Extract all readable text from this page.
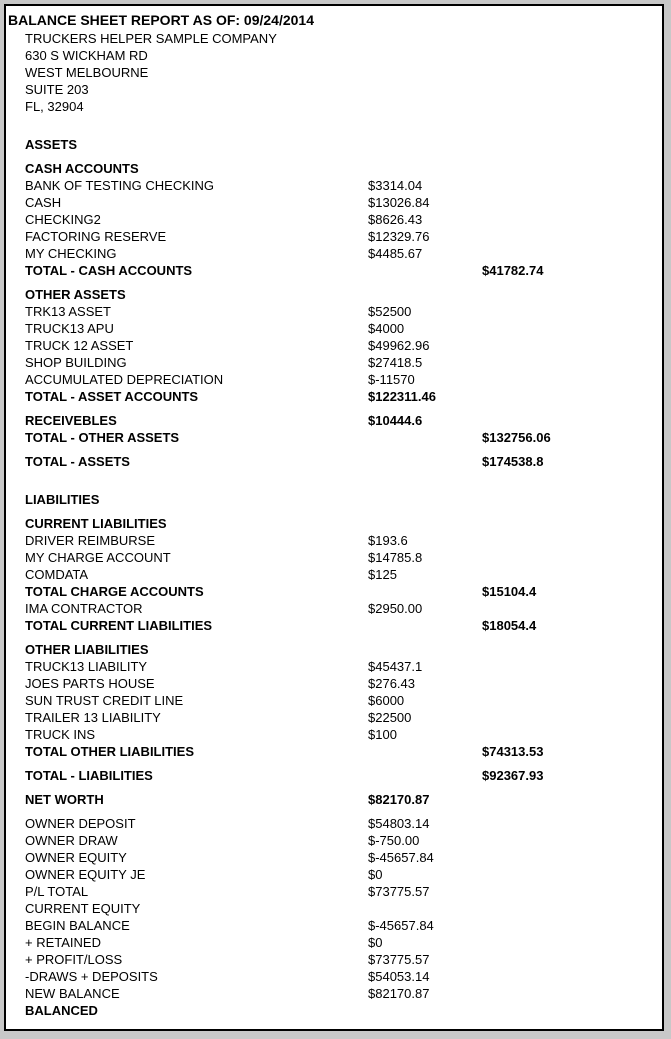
BALANCE SHEET REPORT AS OF: 09/24/2014
TRUCKERS HELPER SAMPLE COMPANY
630 S WICKHAM RD
WEST MELBOURNE
SUITE 203
FL, 32904
ASSETS
CASH ACCOUNTS
BANK OF TESTING CHECKING	$3314.04
CASH	$13026.84
CHECKING2	$8626.43
FACTORING RESERVE	$12329.76
MY CHECKING	$4485.67
TOTAL - CASH ACCOUNTS	$41782.74
OTHER ASSETS
TRK13 ASSET	$52500
TRUCK13 APU	$4000
TRUCK 12 ASSET	$49962.96
SHOP BUILDING	$27418.5
ACCUMULATED DEPRECIATION	$-11570
TOTAL - ASSET ACCOUNTS	$122311.46
RECEIVEBLES	$10444.6
TOTAL - OTHER ASSETS	$132756.06
TOTAL - ASSETS	$174538.8
LIABILITIES
CURRENT LIABILITIES
DRIVER REIMBURSE	$193.6
MY CHARGE ACCOUNT	$14785.8
COMDATA	$125
TOTAL CHARGE ACCOUNTS	$15104.4
IMA CONTRACTOR	$2950.00
TOTAL CURRENT LIABILITIES	$18054.4
OTHER LIABILITIES
TRUCK13 LIABILITY	$45437.1
JOES PARTS HOUSE	$276.43
SUN TRUST CREDIT LINE	$6000
TRAILER 13 LIABILITY	$22500
TRUCK INS	$100
TOTAL OTHER LIABILITIES	$74313.53
TOTAL - LIABILITIES	$92367.93
NET WORTH	$82170.87
OWNER DEPOSIT	$54803.14
OWNER DRAW	$-750.00
OWNER EQUITY	$-45657.84
OWNER EQUITY JE	$0
P/L TOTAL	$73775.57
CURRENT EQUITY
BEGIN BALANCE	$-45657.84
+ RETAINED	$0
+ PROFIT/LOSS	$73775.57
-DRAWS + DEPOSITS	$54053.14
NEW BALANCE	$82170.87
BALANCED
